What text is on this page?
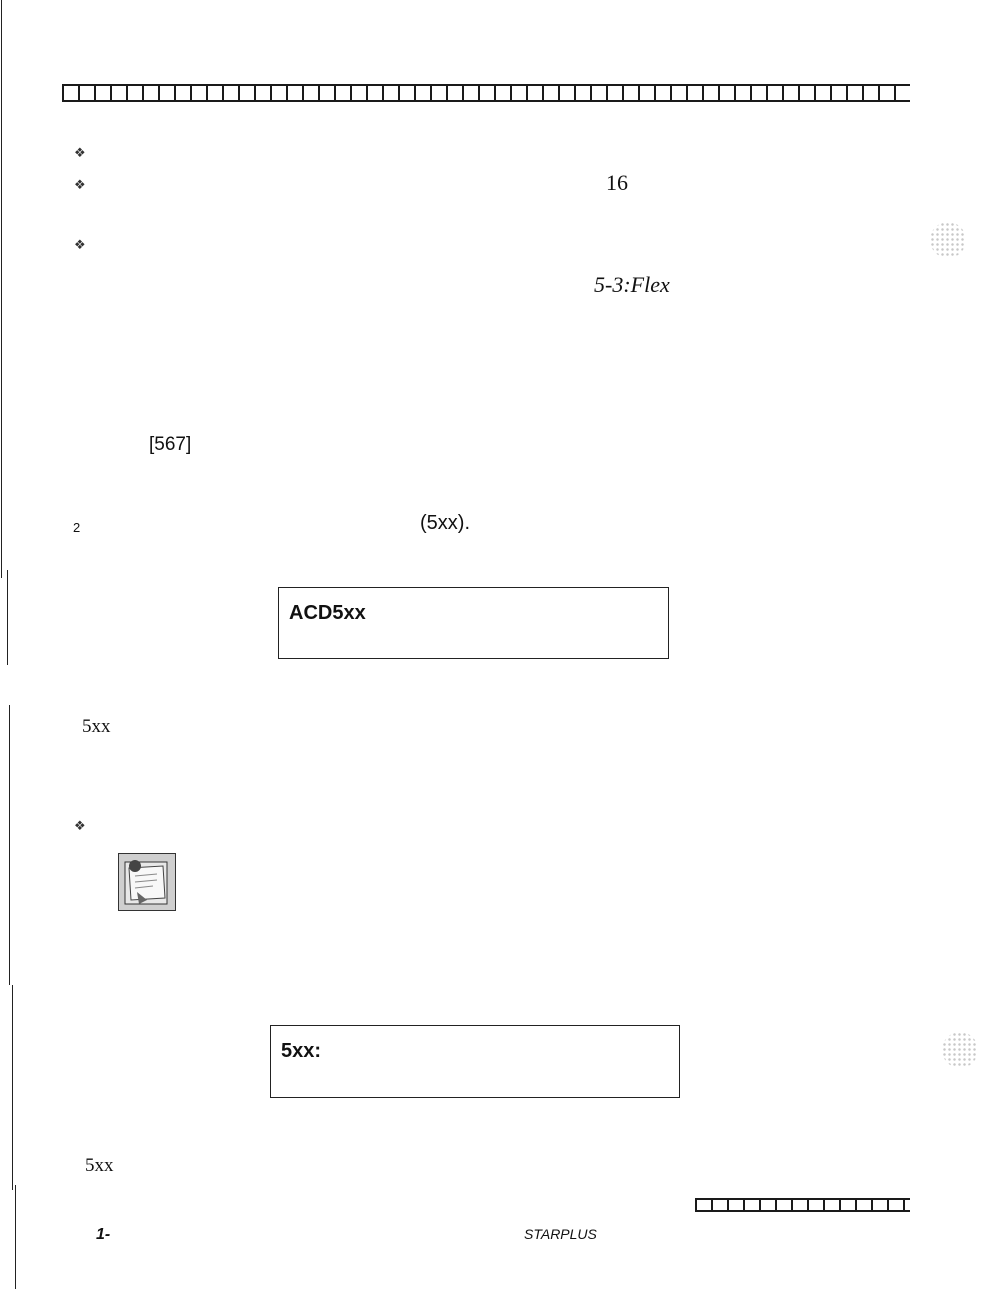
❖
❖	16
❖
5-3:Flex
[567]
2	(5xx).
ACD5xx
5xx
❖
5xx:
5xx
1-	STARPLUS
